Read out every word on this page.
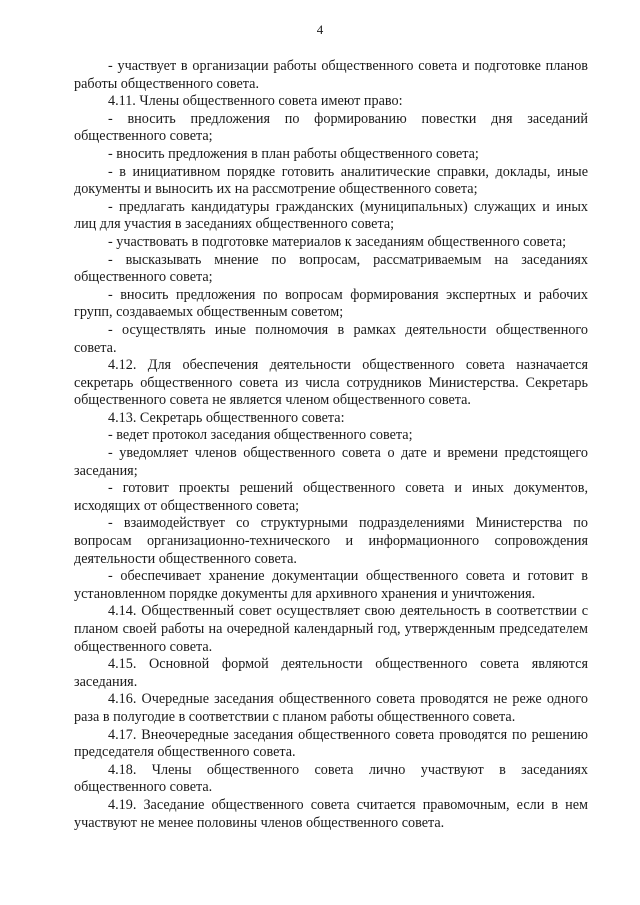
4

- участвует в организации работы общественного совета и подготовке планов работы общественного совета.

4.11. Члены общественного совета имеют право:

- вносить предложения по формированию повестки дня заседаний общественного совета;

- вносить предложения в план работы общественного совета;

- в инициативном порядке готовить аналитические справки, доклады, иные документы и выносить их на рассмотрение общественного совета;

- предлагать кандидатуры гражданских (муниципальных) служащих и иных лиц для участия в заседаниях общественного совета;

- участвовать в подготовке материалов к заседаниям общественного совета;

- высказывать мнение по вопросам, рассматриваемым на заседаниях общественного совета;

- вносить предложения по вопросам формирования экспертных и рабочих групп, создаваемых общественным советом;

- осуществлять иные полномочия в рамках деятельности общественного совета.

4.12. Для обеспечения деятельности общественного совета назначается секретарь общественного совета из числа сотрудников Министерства. Секретарь общественного совета не является членом общественного совета.

4.13. Секретарь общественного совета:

- ведет протокол заседания общественного совета;

- уведомляет членов общественного совета о дате и времени предстоящего заседания;

- готовит проекты решений общественного совета и иных документов, исходящих от общественного совета;

- взаимодействует со структурными подразделениями Министерства по вопросам организационно-технического и информационного сопровождения деятельности общественного совета.

- обеспечивает хранение документации общественного совета и готовит в установленном порядке документы для архивного хранения и уничтожения.

4.14. Общественный совет осуществляет свою деятельность в соответствии с планом своей работы на очередной календарный год, утвержденным председателем общественного совета.

4.15. Основной формой деятельности общественного совета являются заседания.

4.16. Очередные заседания общественного совета проводятся не реже одного раза в полугодие в соответствии с планом работы общественного совета.

4.17. Внеочередные заседания общественного совета проводятся по решению председателя общественного совета.

4.18. Члены общественного совета лично участвуют в заседаниях общественного совета.

4.19. Заседание общественного совета считается правомочным, если в нем участвуют не менее половины членов общественного совета.
